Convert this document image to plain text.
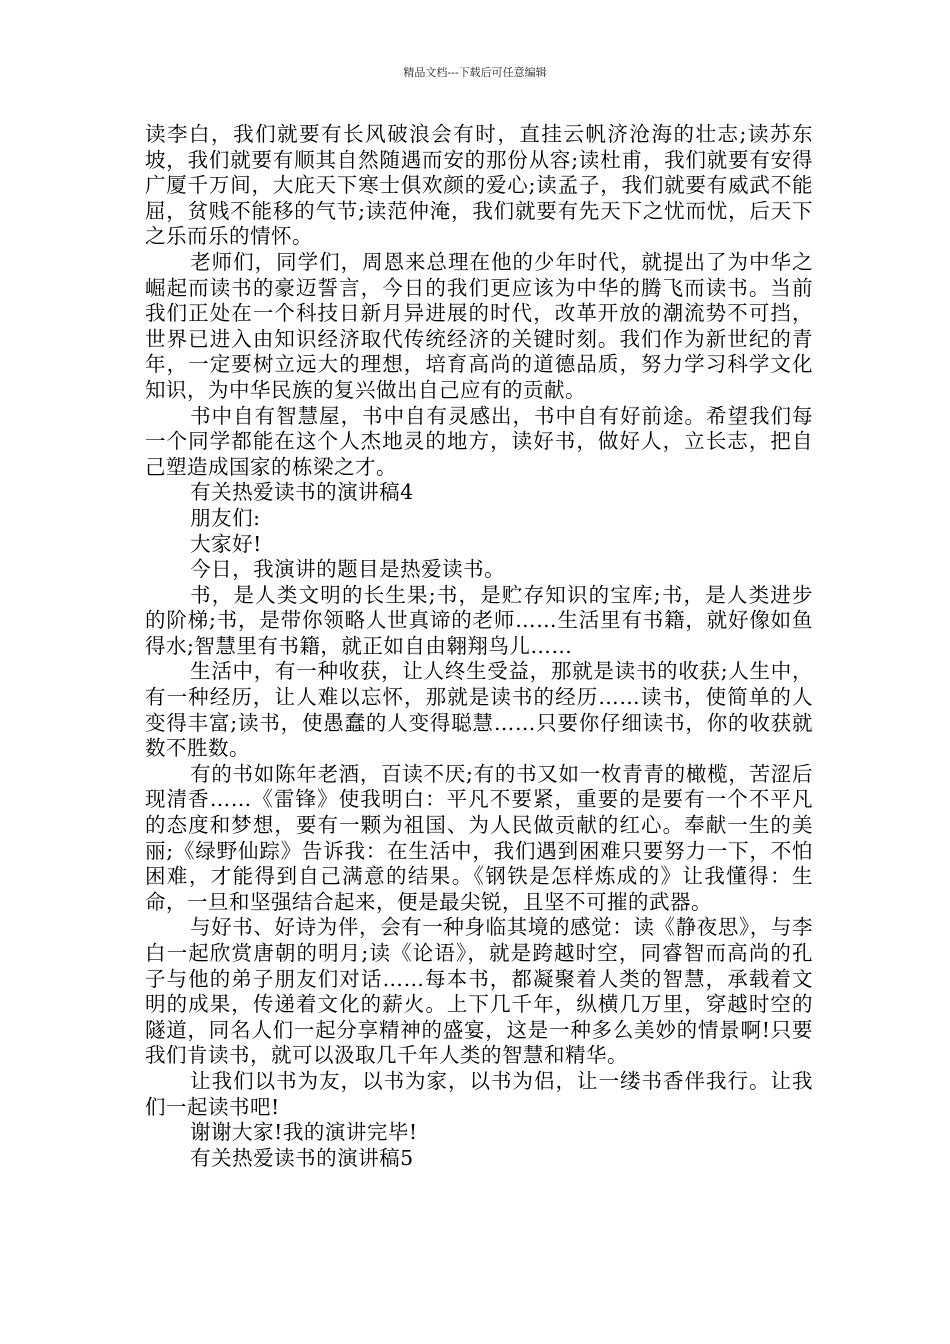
精品文档---下载后可任意编辑

读李白，我们就要有长风破浪会有时，直挂云帆济沧海的壮志;读苏东坡，我们就要有顺其自然随遇而安的那份从容;读杜甫，我们就要有安得广厦千万间，大庇天下寒士俱欢颜的爱心;读孟子，我们就要有威武不能屈，贫贱不能移的气节;读范仲淹，我们就要有先天下之忧而忧，后天下之乐而乐的情怀。

老师们，同学们，周恩来总理在他的少年时代，就提出了为中华之崛起而读书的豪迈誓言，今日的我们更应该为中华的腾飞而读书。当前我们正处在一个科技日新月异进展的时代，改革开放的潮流势不可挡，世界已进入由知识经济取代传统经济的关键时刻。我们作为新世纪的青年，一定要树立远大的理想，培育高尚的道德品质，努力学习科学文化知识，为中华民族的复兴做出自己应有的贡献。

书中自有智慧屋，书中自有灵感出，书中自有好前途。希望我们每一个同学都能在这个人杰地灵的地方，读好书，做好人，立长志，把自己塑造成国家的栋梁之才。

有关热爱读书的演讲稿4

朋友们:

大家好!

今日，我演讲的题目是热爱读书。

书，是人类文明的长生果;书，是贮存知识的宝库;书，是人类进步的阶梯;书，是带你领略人世真谛的老师……生活里有书籍，就好像如鱼得水;智慧里有书籍，就正如自由翱翔鸟儿……

生活中，有一种收获，让人终生受益，那就是读书的收获;人生中，有一种经历，让人难以忘怀，那就是读书的经历……读书，使简单的人变得丰富;读书，使愚蠢的人变得聪慧……只要你仔细读书，你的收获就数不胜数。

有的书如陈年老酒，百读不厌;有的书又如一枚青青的橄榄，苦涩后现清香……《雷锋》使我明白：平凡不要紧，重要的是要有一个不平凡的态度和梦想，要有一颗为祖国、为人民做贡献的红心。奉献一生的美丽;《绿野仙踪》告诉我：在生活中，我们遇到困难只要努力一下，不怕困难，才能得到自己满意的结果。《钢铁是怎样炼成的》让我懂得：生命，一旦和坚强结合起来，便是最尖锐，且坚不可摧的武器。

与好书、好诗为伴，会有一种身临其境的感觉：读《静夜思》，与李白一起欣赏唐朝的明月;读《论语》，就是跨越时空，同睿智而高尚的孔子与他的弟子朋友们对话……每本书，都凝聚着人类的智慧，承载着文明的成果，传递着文化的薪火。上下几千年，纵横几万里，穿越时空的隧道，同名人们一起分享精神的盛宴，这是一种多么美妙的情景啊!只要我们肯读书，就可以汲取几千年人类的智慧和精华。

让我们以书为友，以书为家，以书为侣，让一缕书香伴我行。让我们一起读书吧!

谢谢大家!我的演讲完毕!

有关热爱读书的演讲稿5
